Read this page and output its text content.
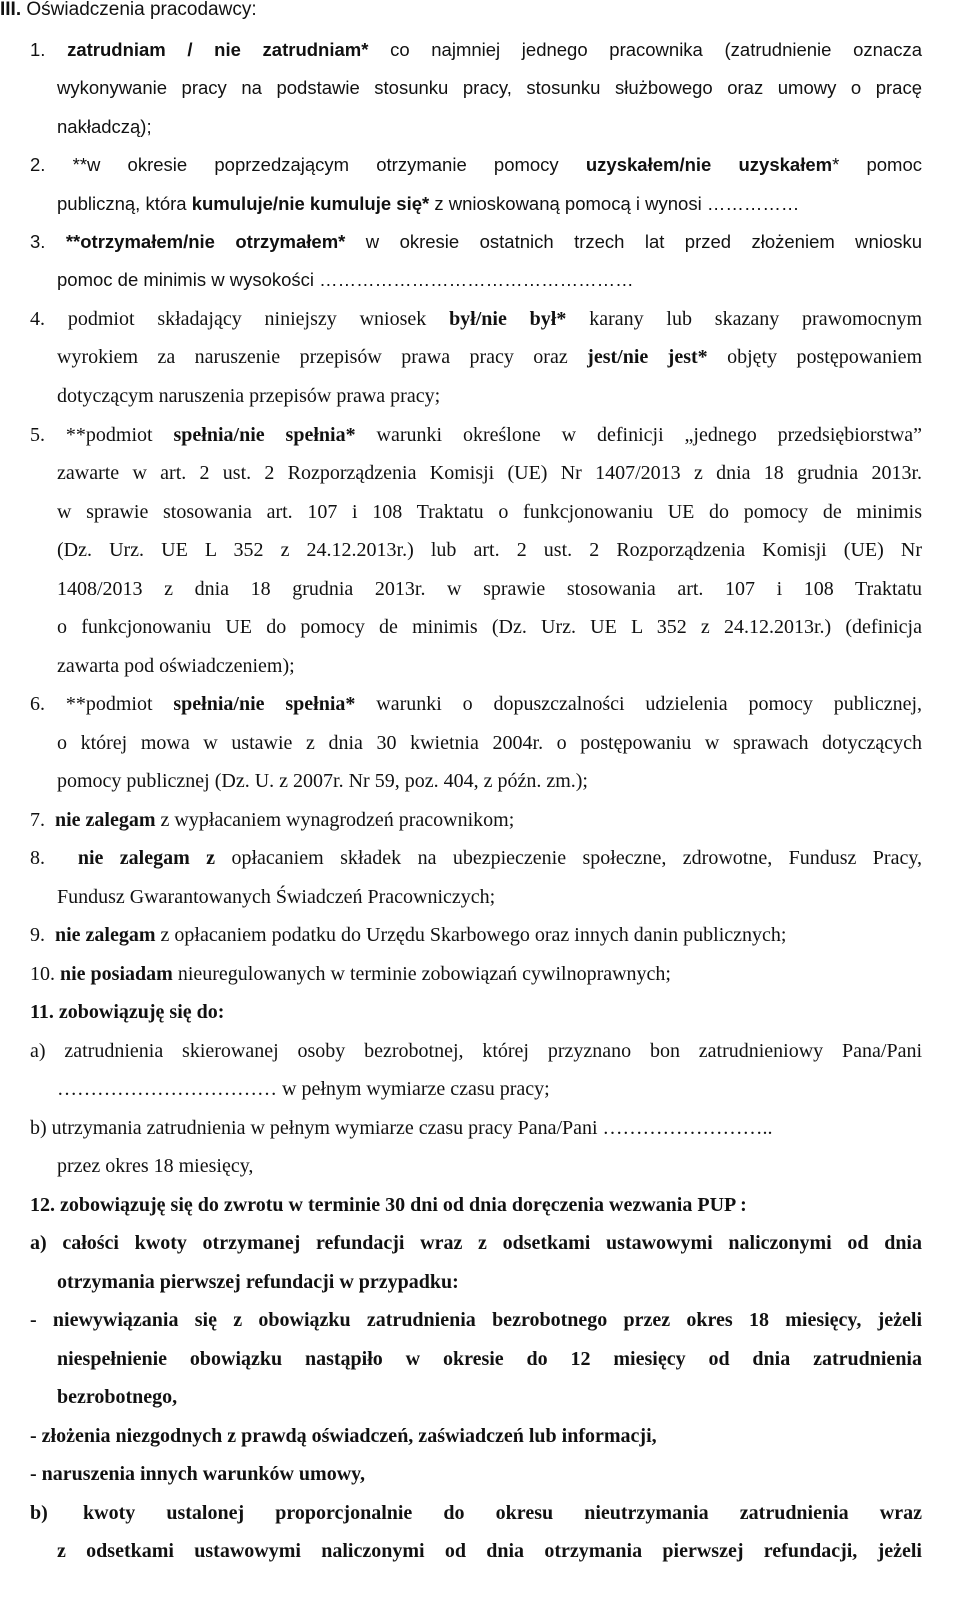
III. Oświadczenia pracodawcy:

1. zatrudniam / nie zatrudniam* co najmniej jednego pracownika (zatrudnienie oznacza

wykonywanie pracy na podstawie stosunku pracy, stosunku służbowego oraz umowy o pracę

nakładczą);

2. **w okresie poprzedzającym otrzymanie pomocy uzyskałem/nie uzyskałem* pomoc

publiczną, która kumuluje/nie kumuluje się* z wnioskowaną pomocą i wynosi ……………

3. **otrzymałem/nie otrzymałem* w okresie ostatnich trzech lat przed złożeniem wniosku

pomoc de minimis w wysokości ……………………………………………

4. podmiot składający niniejszy wniosek był/nie był* karany lub skazany prawomocnym

wyrokiem za naruszenie przepisów prawa pracy oraz jest/nie jest* objęty postępowaniem

dotyczącym naruszenia przepisów prawa pracy;

5. **podmiot spełnia/nie spełnia* warunki określone w definicji „jednego przedsiębiorstwa”

zawarte w art. 2 ust. 2 Rozporządzenia Komisji (UE) Nr 1407/2013 z dnia 18 grudnia 2013r.

w sprawie stosowania art. 107 i 108 Traktatu o funkcjonowaniu UE do pomocy de minimis

(Dz. Urz. UE L 352 z 24.12.2013r.) lub art. 2 ust. 2 Rozporządzenia Komisji (UE) Nr

1408/2013 z dnia 18 grudnia 2013r. w sprawie stosowania art. 107 i 108 Traktatu

o funkcjonowaniu UE do pomocy de minimis (Dz. Urz. UE L 352 z 24.12.2013r.) (definicja

zawarta pod oświadczeniem);

6. **podmiot spełnia/nie spełnia* warunki o dopuszczalności udzielenia pomocy publicznej,

o której mowa w ustawie z dnia 30 kwietnia 2004r. o postępowaniu w sprawach dotyczących

pomocy publicznej (Dz. U. z 2007r. Nr 59, poz. 404, z późn. zm.);

7. nie zalegam z wypłacaniem wynagrodzeń pracownikom;

8. nie zalegam z opłacaniem składek na ubezpieczenie społeczne, zdrowotne, Fundusz Pracy,

Fundusz Gwarantowanych Świadczeń Pracowniczych;

9. nie zalegam z opłacaniem podatku do Urzędu Skarbowego oraz innych danin publicznych;

10. nie posiadam nieuregulowanych w terminie zobowiązań cywilnoprawnych;

11. zobowiązuję się do:

a) zatrudnienia skierowanej osoby bezrobotnej, której przyznano bon zatrudnieniowy Pana/Pani

…………………………… w pełnym wymiarze czasu pracy;

b) utrzymania zatrudnienia w pełnym wymiarze czasu pracy Pana/Pani ……………………..

przez okres 18 miesięcy,

12. zobowiązuję się do zwrotu w terminie 30 dni od dnia doręczenia wezwania PUP :

a) całości kwoty otrzymanej refundacji wraz z odsetkami ustawowymi naliczonymi od dnia

otrzymania pierwszej refundacji w przypadku:

- niewywiązania się z obowiązku zatrudnienia bezrobotnego przez okres 18 miesięcy, jeżeli

niespełnienie obowiązku nastąpiło w okresie do 12 miesięcy od dnia zatrudnienia

bezrobotnego,

- złożenia niezgodnych z prawdą oświadczeń, zaświadczeń lub informacji,

- naruszenia innych warunków umowy,

b) kwoty ustalonej proporcjonalnie do okresu nieutrzymania zatrudnienia wraz

z odsetkami ustawowymi naliczonymi od dnia otrzymania pierwszej refundacji, jeżeli
